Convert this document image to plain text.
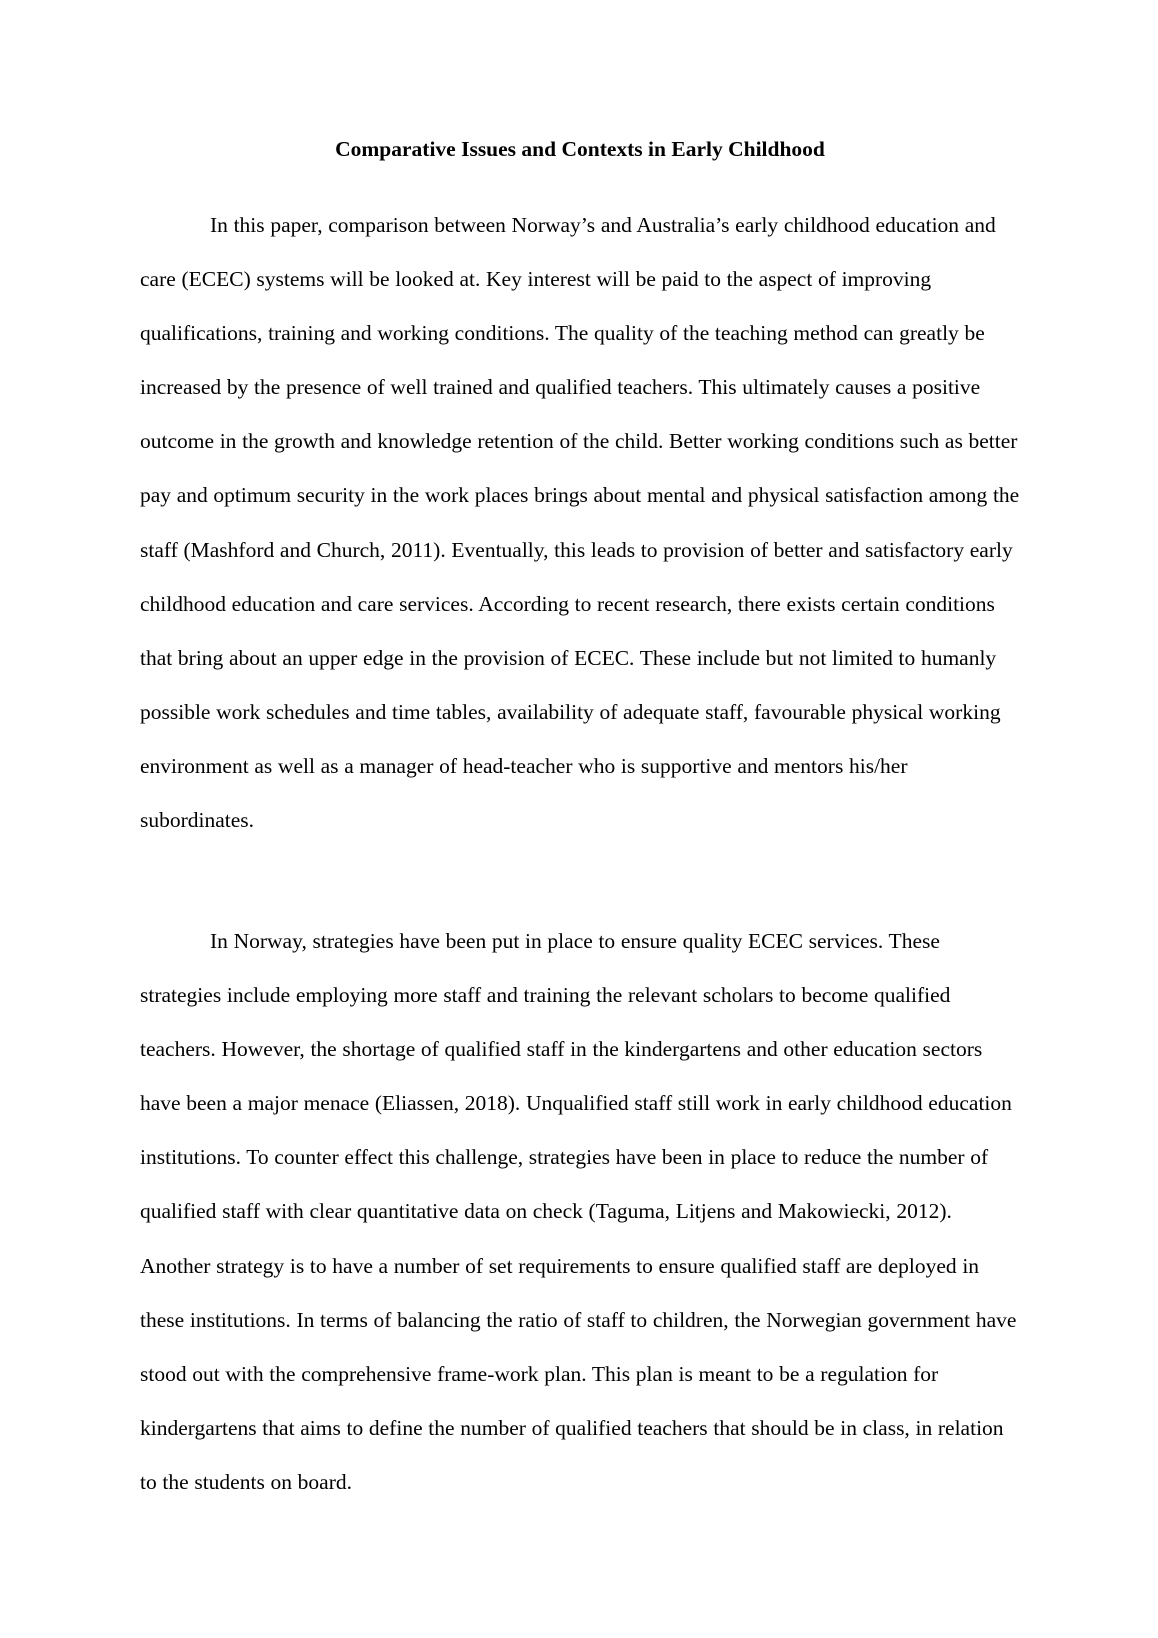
Comparative Issues and Contexts in Early Childhood

In this paper, comparison between Norway’s and Australia’s early childhood education and care (ECEC) systems will be looked at. Key interest will be paid to the aspect of improving qualifications, training and working conditions. The quality of the teaching method can greatly be increased by the presence of well trained and qualified teachers. This ultimately causes a positive outcome in the growth and knowledge retention of the child. Better working conditions such as better pay and optimum security in the work places brings about mental and physical satisfaction among the staff (Mashford and Church, 2011). Eventually, this leads to provision of better and satisfactory early childhood education and care services. According to recent research, there exists certain conditions that bring about an upper edge in the provision of ECEC. These include but not limited to humanly possible work schedules and time tables, availability of adequate staff, favourable physical working environment as well as a manager of head-teacher who is supportive and mentors his/her subordinates.

In Norway, strategies have been put in place to ensure quality ECEC services. These strategies include employing more staff and training the relevant scholars to become qualified teachers. However, the shortage of qualified staff in the kindergartens and other education sectors have been a major menace (Eliassen, 2018). Unqualified staff still work in early childhood education institutions. To counter effect this challenge, strategies have been in place to reduce the number of qualified staff with clear quantitative data on check (Taguma, Litjens and Makowiecki, 2012). Another strategy is to have a number of set requirements to ensure qualified staff are deployed in these institutions. In terms of balancing the ratio of staff to children, the Norwegian government have stood out with the comprehensive frame-work plan. This plan is meant to be a regulation for kindergartens that aims to define the number of qualified teachers that should be in class, in relation to the students on board.
